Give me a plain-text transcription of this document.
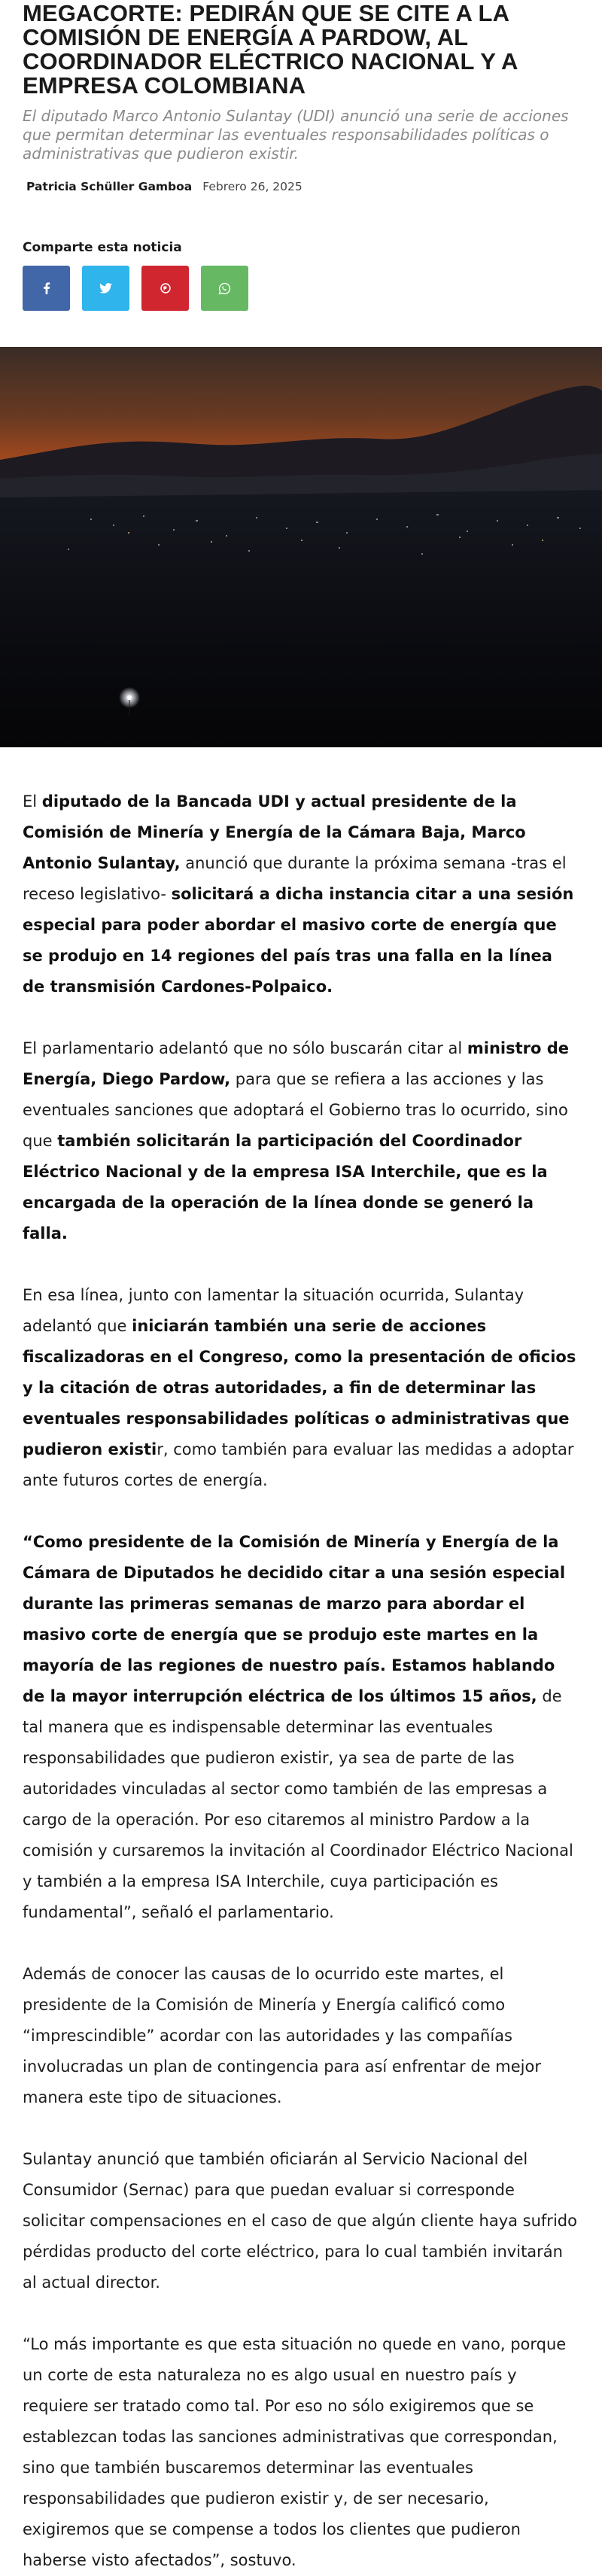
MEGACORTE: PEDIRÁN QUE SE CITE A LA COMISIÓN DE ENERGÍA A PARDOW, AL COORDINADOR ELÉCTRICO NACIONAL Y A EMPRESA COLOMBIANA

El diputado Marco Antonio Sulantay (UDI) anunció una serie de acciones que permitan determinar las eventuales responsabilidades políticas o administrativas que pudieron existir.

Patricia Schüller Gamboa Febrero 26, 2025
Comparte esta noticia

El diputado de la Bancada UDI y actual presidente de la Comisión de Minería y Energía de la Cámara Baja, Marco Antonio Sulantay, anunció que durante la próxima semana -tras el receso legislativo- solicitará a dicha instancia citar a una sesión especial para poder abordar el masivo corte de energía que se produjo en 14 regiones del país tras una falla en la línea de transmisión Cardones-Polpaico.

El parlamentario adelantó que no sólo buscarán citar al ministro de Energía, Diego Pardow, para que se refiera a las acciones y las eventuales sanciones que adoptará el Gobierno tras lo ocurrido, sino que también solicitarán la participación del Coordinador Eléctrico Nacional y de la empresa ISA Interchile, que es la encargada de la operación de la línea donde se generó la falla.

En esa línea, junto con lamentar la situación ocurrida, Sulantay adelantó que iniciarán también una serie de acciones fiscalizadoras en el Congreso, como la presentación de oficios y la citación de otras autoridades, a fin de determinar las eventuales responsabilidades políticas o administrativas que pudieron existir, como también para evaluar las medidas a adoptar ante futuros cortes de energía.

“Como presidente de la Comisión de Minería y Energía de la Cámara de Diputados he decidido citar a una sesión especial durante las primeras semanas de marzo para abordar el masivo corte de energía que se produjo este martes en la mayoría de las regiones de nuestro país. Estamos hablando de la mayor interrupción eléctrica de los últimos 15 años, de tal manera que es indispensable determinar las eventuales responsabilidades que pudieron existir, ya sea de parte de las autoridades vinculadas al sector como también de las empresas a cargo de la operación. Por eso citaremos al ministro Pardow a la comisión y cursaremos la invitación al Coordinador Eléctrico Nacional y también a la empresa ISA Interchile, cuya participación es fundamental”, señaló el parlamentario.

Además de conocer las causas de lo ocurrido este martes, el presidente de la Comisión de Minería y Energía calificó como “imprescindible” acordar con las autoridades y las compañías involucradas un plan de contingencia para así enfrentar de mejor manera este tipo de situaciones.

Sulantay anunció que también oficiarán al Servicio Nacional del Consumidor (Sernac) para que puedan evaluar si corresponde solicitar compensaciones en el caso de que algún cliente haya sufrido pérdidas producto del corte eléctrico, para lo cual también invitarán al actual director.

“Lo más importante es que esta situación no quede en vano, porque un corte de esta naturaleza no es algo usual en nuestro país y requiere ser tratado como tal. Por eso no sólo exigiremos que se establezcan todas las sanciones administrativas que correspondan, sino que también buscaremos determinar las eventuales responsabilidades que pudieron existir y, de ser necesario, exigiremos que se compense a todos los clientes que pudieron haberse visto afectados”, sostuvo.
